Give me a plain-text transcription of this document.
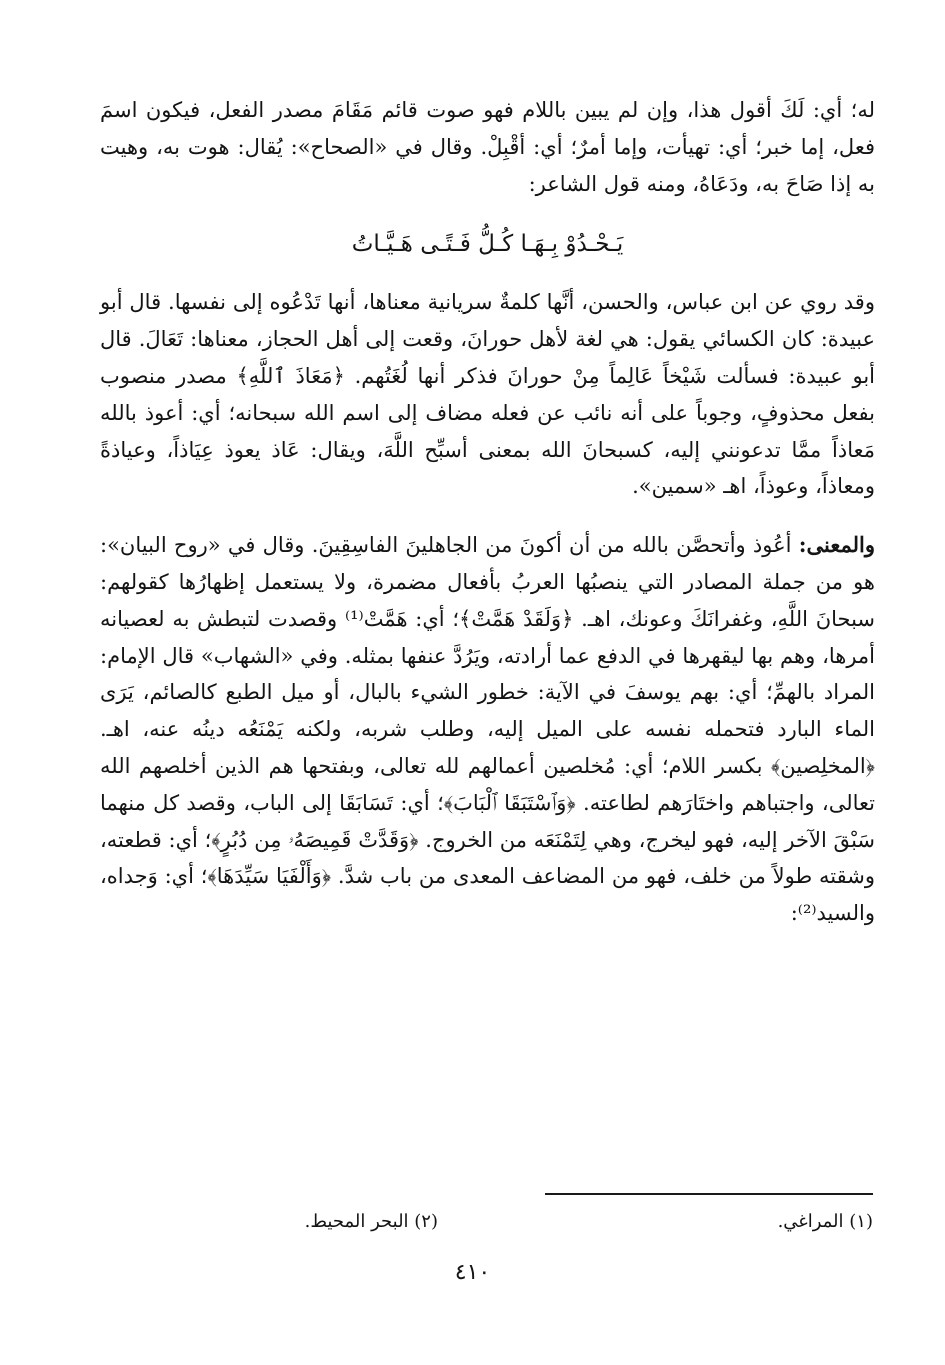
له؛ أي: لَكَ أقول هذا، وإن لم يبين باللام فهو صوت قائم مَقَامَ مصدر الفعل، فيكون اسمَ فعل، إما خبر؛ أي: تهيأت، وإما أمرٌ؛ أي: أقْبِلْ. وقال في «الصحاح»: يُقال: هوت به، وهيت به إذا صَاحَ به، ودَعَاهُ، ومنه قول الشاعر:

يَـحْـدُوْ بِـهَـا كُـلُّ فَـتًـى هَـيَّـاتُ

وقد روي عن ابن عباس، والحسن، أنَّها كلمةٌ سريانية معناها، أنها تَدْعُوه إلى نفسها. قال أبو عبيدة: كان الكسائي يقول: هي لغة لأهل حورانَ، وقعت إلى أهل الحجاز، معناها: تَعَالَ. قال أبو عبيدة: فسألت شَيْخاً عَالِماً مِنْ حورانَ فذكر أنها لُغَتُهم. ﴿مَعَاذَ ٱللَّهِ﴾ مصدر منصوب بفعل محذوفٍ، وجوباً على أنه نائب عن فعله مضاف إلى اسم الله سبحانه؛ أي: أعوذ بالله مَعاذاً ممَّا تدعونني إليه، كسبحانَ الله بمعنى أسبِّح اللَّهَ، ويقال: عَاذ يعوذ عِيَاذاً، وعياذةً ومعاذاً، وعوذاً، اهـ «سمين».

والمعنى: أعُوذ وأتحصَّن بالله من أن أكونَ من الجاهلينَ الفاسِقِينَ. وقال في «روح البيان»: هو من جملة المصادر التي ينصبُها العربُ بأفعال مضمرة، ولا يستعمل إظهارُها كقولهم: سبحانَ اللَّهِ، وغفرانَكَ وعونك، اهـ. ﴿وَلَقَدْ هَمَّتْ﴾؛ أي: هَمَّتْ⁽¹⁾ وقصدت لتبطش به لعصيانه أمرها، وهم بها ليقهرها في الدفع عما أرادته، ويَرُدَّ عنفها بمثله. وفي «الشهاب» قال الإمام: المراد بالهمِّ؛ أي: بهم يوسفَ في الآية: خطور الشيء بالبال، أو ميل الطبع كالصائم، يَرَى الماء البارد فتحمله نفسه على الميل إليه، وطلب شربه، ولكنه يَمْنَعُه دينُه عنه، اهـ. ﴿المخلِصين﴾ بكسر اللام؛ أي: مُخلصين أعمالهم لله تعالى، وبفتحها هم الذين أخلصهم الله تعالى، واجتباهم واختَارَهم لطاعته. ﴿وَٱسْتَبَقَا ٱلْبَابَ﴾؛ أي: تَسَابَقَا إلى الباب، وقصد كل منهما سَبْقَ الآخر إليه، فهو ليخرج، وهي لِتَمْنَعَه من الخروج. ﴿وَقَدَّتْ قَمِيصَهُۥ مِن دُبُرٍ﴾؛ أي: قطعته، وشقته طولاً من خلف، فهو من المضاعف المعدى من باب شدَّ. ﴿وَأَلْفَيَا سَيِّدَهَا﴾؛ أي: وَجداه، والسيد⁽²⁾:

(١) المراغي.
(٢) البحر المحيط.
٤١٠
